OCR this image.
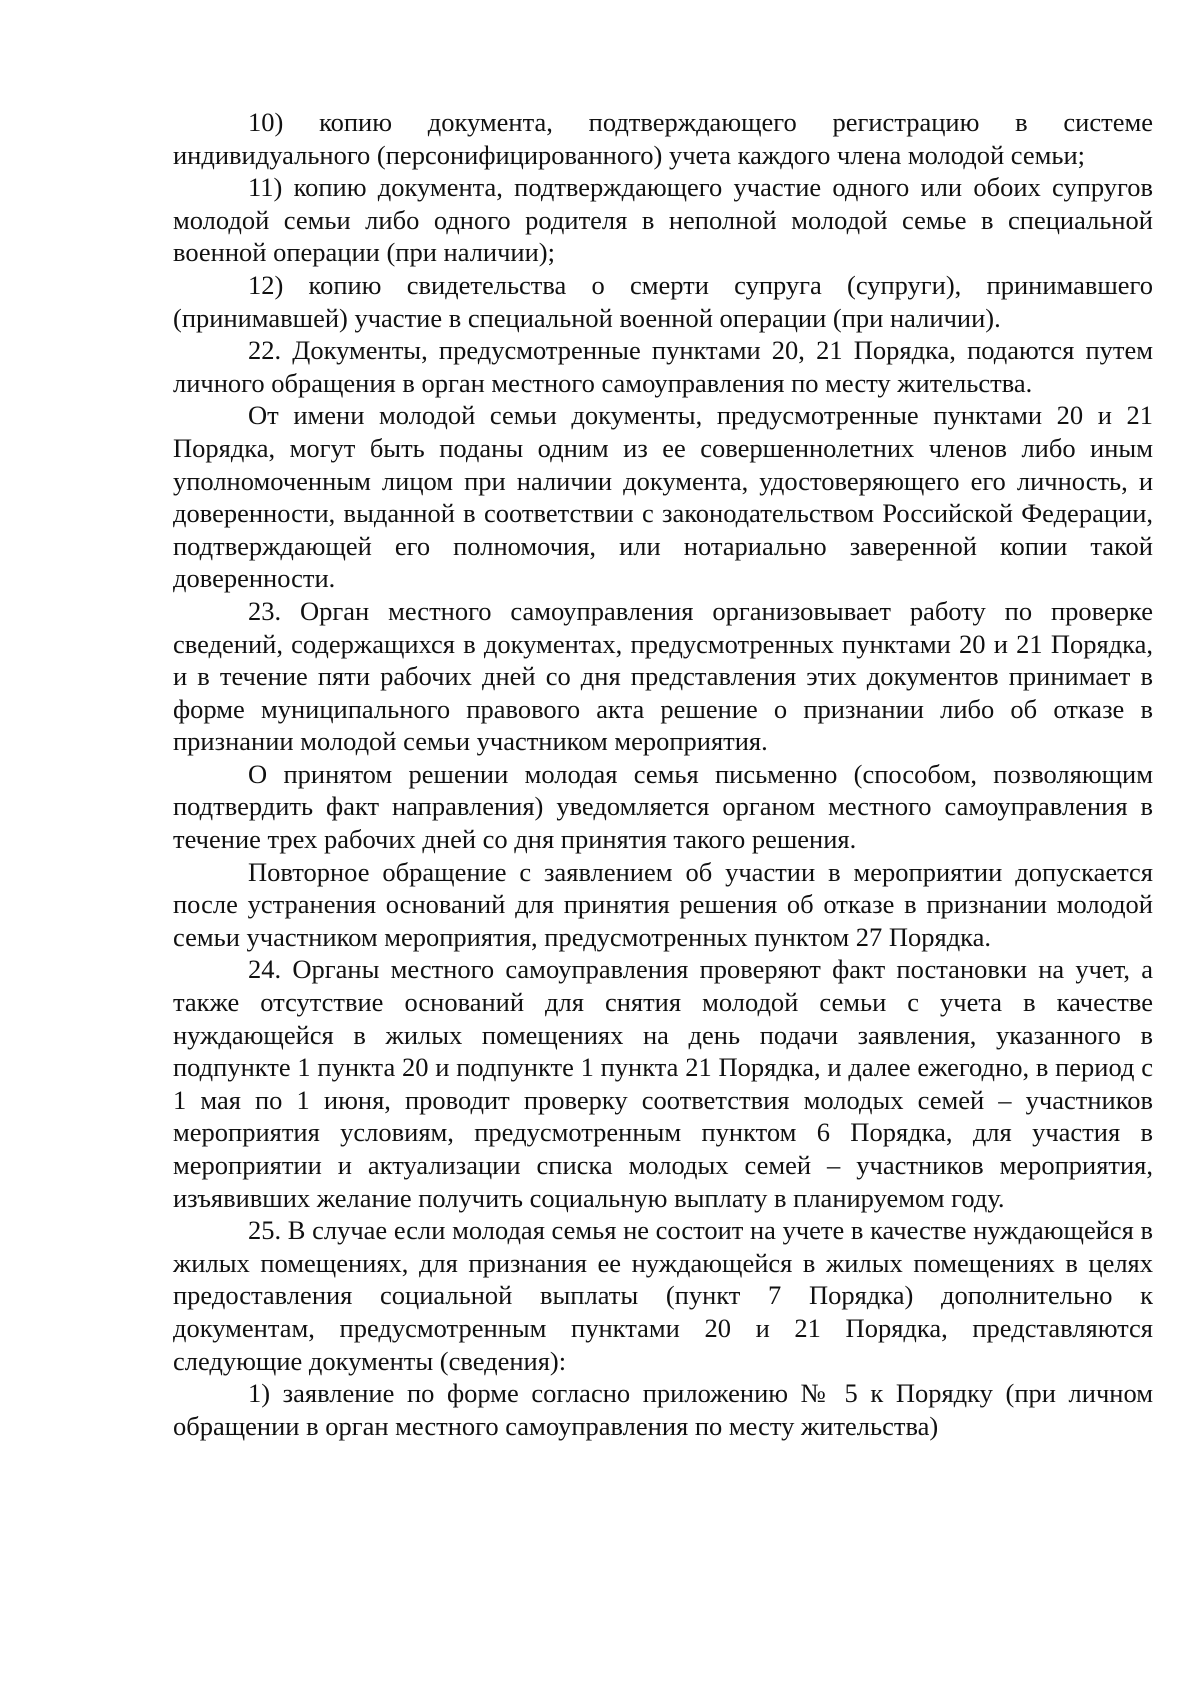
10) копию документа, подтверждающего регистрацию в системе индивидуального (персонифицированного) учета каждого члена молодой семьи;

11) копию документа, подтверждающего участие одного или обоих супругов молодой семьи либо одного родителя в неполной молодой семье в специальной военной операции (при наличии);

12) копию свидетельства о смерти супруга (супруги), принимавшего (принимавшей) участие в специальной военной операции (при наличии).

22. Документы, предусмотренные пунктами 20, 21 Порядка, подаются путем личного обращения в орган местного самоуправления по месту жительства.

От имени молодой семьи документы, предусмотренные пунктами 20 и 21 Порядка, могут быть поданы одним из ее совершеннолетних членов либо иным уполномоченным лицом при наличии документа, удостоверяющего его личность, и доверенности, выданной в соответствии с законодательством Российской Федерации, подтверждающей его полномочия, или нотариально заверенной копии такой доверенности.

23. Орган местного самоуправления организовывает работу по проверке сведений, содержащихся в документах, предусмотренных пунктами 20 и 21 Порядка, и в течение пяти рабочих дней со дня представления этих документов принимает в форме муниципального правового акта решение о признании либо об отказе в признании молодой семьи участником мероприятия.

О принятом решении молодая семья письменно (способом, позволяющим подтвердить факт направления) уведомляется органом местного самоуправления в течение трех рабочих дней со дня принятия такого решения.

Повторное обращение с заявлением об участии в мероприятии допускается после устранения оснований для принятия решения об отказе в признании молодой семьи участником мероприятия, предусмотренных пунктом 27 Порядка.

24. Органы местного самоуправления проверяют факт постановки на учет, а также отсутствие оснований для снятия молодой семьи с учета в качестве нуждающейся в жилых помещениях на день подачи заявления, указанного в подпункте 1 пункта 20 и подпункте 1 пункта 21 Порядка, и далее ежегодно, в период с 1 мая по 1 июня, проводит проверку соответствия молодых семей – участников мероприятия условиям, предусмотренным пунктом 6 Порядка, для участия в мероприятии и актуализации списка молодых семей – участников мероприятия, изъявивших желание получить социальную выплату в планируемом году.

25. В случае если молодая семья не состоит на учете в качестве нуждающейся в жилых помещениях, для признания ее нуждающейся в жилых помещениях в целях предоставления социальной выплаты (пункт 7 Порядка) дополнительно к документам, предусмотренным пунктами 20 и 21 Порядка, представляются следующие документы (сведения):

1) заявление по форме согласно приложению № 5 к Порядку (при личном обращении в орган местного самоуправления по месту жительства)
